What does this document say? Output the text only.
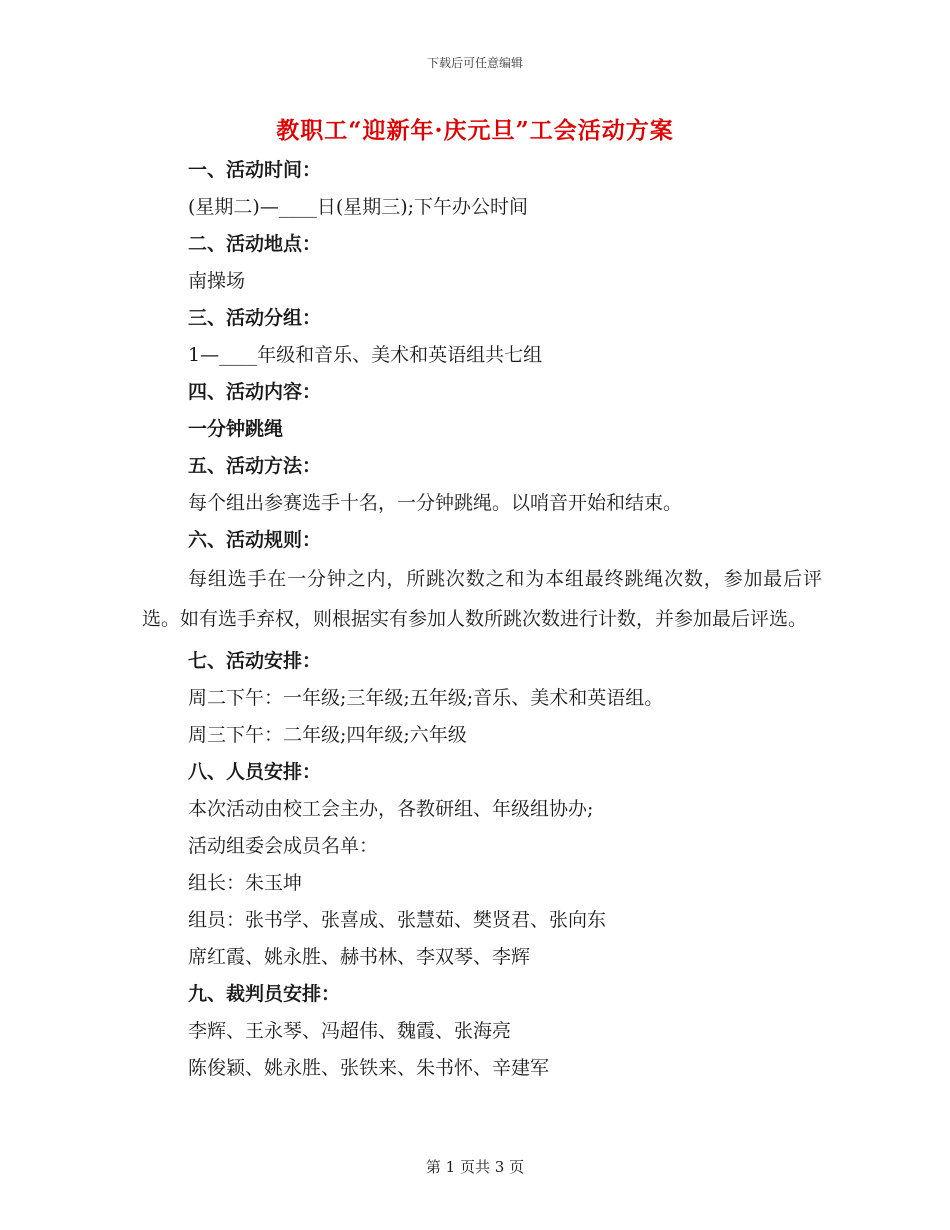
下载后可任意编辑
教职工“迎新年·庆元旦”工会活动方案
一、活动时间：
(星期二)—____日(星期三);下午办公时间
二、活动地点：
南操场
三、活动分组：
1—____年级和音乐、美术和英语组共七组
四、活动内容：
一分钟跳绳
五、活动方法：
每个组出参赛选手十名，一分钟跳绳。以哨音开始和结束。
六、活动规则：
每组选手在一分钟之内，所跳次数之和为本组最终跳绳次数，参加最后评选。如有选手弃权，则根据实有参加人数所跳次数进行计数，并参加最后评选。
七、活动安排：
周二下午：一年级;三年级;五年级;音乐、美术和英语组。
周三下午：二年级;四年级;六年级
八、人员安排：
本次活动由校工会主办，各教研组、年级组协办;
活动组委会成员名单：
组长：朱玉坤
组员：张书学、张喜成、张慧茹、樊贤君、张向东
席红霞、姚永胜、赫书林、李双琴、李辉
九、裁判员安排：
李辉、王永琴、冯超伟、魏霞、张海亮
陈俊颖、姚永胜、张铁来、朱书怀、辛建军
第 1 页共 3 页
